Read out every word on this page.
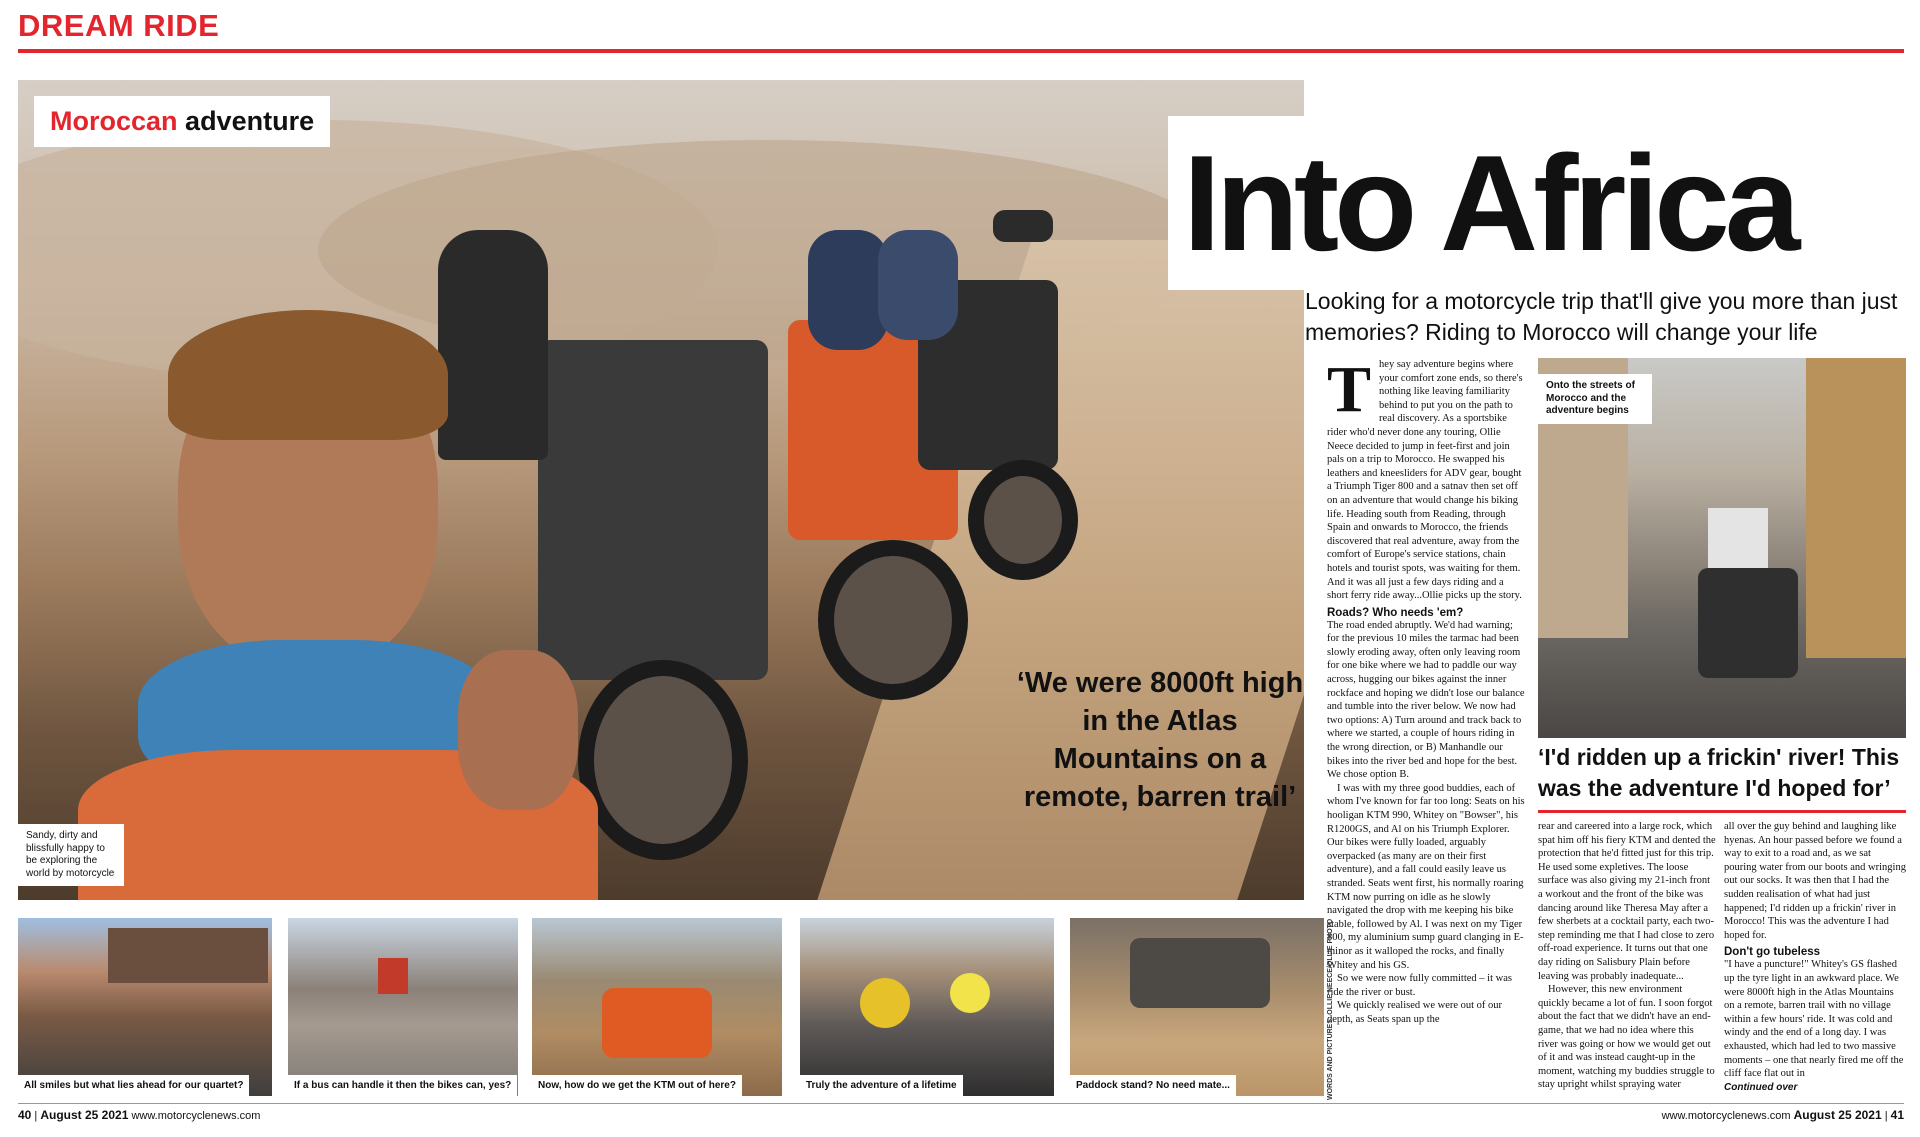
DREAM RIDE
Moroccan adventure
Sandy, dirty and blissfully happy to be exploring the world by motorcycle
Into Africa
Looking for a motorcycle trip that'll give you more than just memories? Riding to Morocco will change your life
‘We were 8000ft high in the Atlas Mountains on a remote, barren trail’
T hey say adventure begins where your comfort zone ends, so there's nothing like leaving familiarity behind to put you on the path to real discovery. As a sportsbike rider who'd never done any touring, Ollie Neece decided to jump in feet-first and join pals on a trip to Morocco. He swapped his leathers and kneesliders for ADV gear, bought a Triumph Tiger 800 and a satnav then set off on an adventure that would change his biking life. Heading south from Reading, through Spain and onwards to Morocco, the friends discovered that real adventure, away from the comfort of Europe's service stations, chain hotels and tourist spots, was waiting for them. And it was all just a few days riding and a short ferry ride away...Ollie picks up the story.

Roads? Who needs 'em?

The road ended abruptly. We'd had warning; for the previous 10 miles the tarmac had been slowly eroding away, often only leaving room for one bike where we had to paddle our way across, hugging our bikes against the inner rockface and hoping we didn't lose our balance and tumble into the river below. We now had two options: A) Turn around and track back to where we started, a couple of hours riding in the wrong direction, or B) Manhandle our bikes into the river bed and hope for the best. We chose option B.

I was with my three good buddies, each of whom I've known for far too long: Seats on his hooligan KTM 990, Whitey on "Bowser", his R1200GS, and Al on his Triumph Explorer. Our bikes were fully loaded, arguably overpacked (as many are on their first adventure), and a fall could easily leave us stranded. Seats went first, his normally roaring KTM now purring on idle as he slowly navigated the drop with me keeping his bike stable, followed by Al. I was next on my Tiger 800, my aluminium sump guard clanging in E-minor as it walloped the rocks, and finally Whitey and his GS.

So we were now fully committed – it was ride the river or bust.

We quickly realised we were out of our depth, as Seats span up the

Onto the streets of Morocco and the adventure begins
‘I'd ridden up a frickin' river! This was the adventure I'd hoped for’

rear and careered into a large rock, which spat him off his fiery KTM and dented the protection that he'd fitted just for this trip. He used some expletives. The loose surface was also giving my 21-inch front a workout and the front of the bike was dancing around like Theresa May after a few sherbets at a cocktail party, each two-step reminding me that I had close to zero off-road experience. It turns out that one day riding on Salisbury Plain before leaving was probably inadequate...

However, this new environment quickly became a lot of fun. I soon forgot about the fact that we didn't have an end-game, that we had no idea where this river was going or how we would get out of it and was instead caught-up in the moment, watching my buddies struggle to stay upright whilst spraying water

all over the guy behind and laughing like hyenas. An hour passed before we found a way to exit to a road and, as we sat pouring water from our boots and wringing out our socks. It was then that I had the sudden realisation of what had just happened; I'd ridden up a frickin' river in Morocco! This was the adventure I had hoped for.

Don't go tubeless

"I have a puncture!" Whitey's GS flashed up the tyre light in an awkward place. We were 8000ft high in the Atlas Mountains on a remote, barren trail with no village within a few hours' ride. It was cold and windy and the end of a long day. I was exhausted, which had led to two massive moments – one that nearly fired me off the cliff face flat out in

Continued over

All smiles but what lies ahead for our quartet?	If a bus can handle it then the bikes can, yes?	Now, how do we get the KTM out of here?	Truly the adventure of a lifetime	Paddock stand? No need mate...	WORDS AND PICTURES: OLLIE NEECE/OLLIE PHOTO
40 | August 25 2021 www.motorcyclenews.com	www.motorcyclenews.com August 25 2021 | 41
